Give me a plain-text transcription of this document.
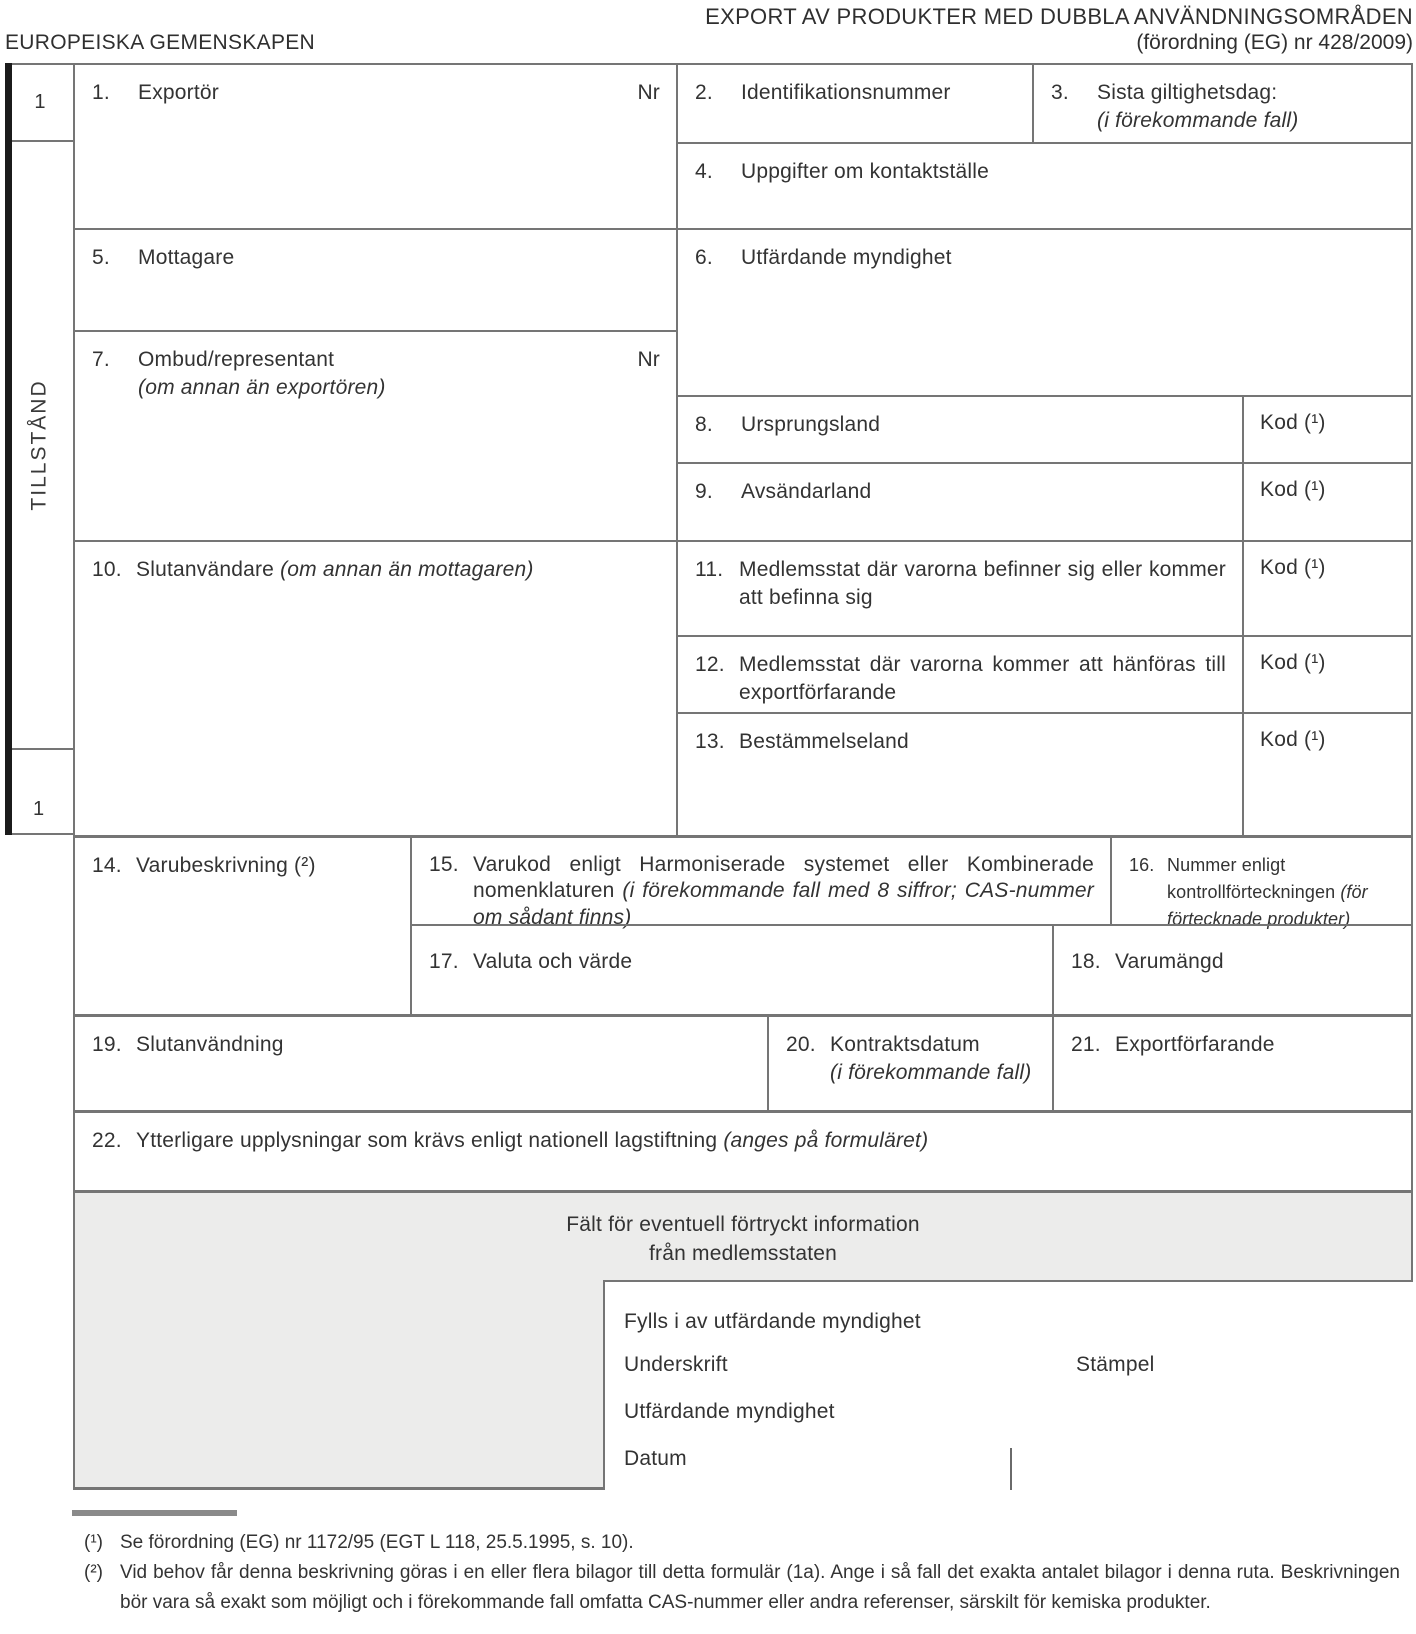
EXPORT AV PRODUKTER MED DUBBLA ANVÄNDNINGSOMRÅDEN
(förordning (EG) nr 428/2009)
EUROPEISKA GEMENSKAPEN
1
TILLSTÅND
1
1.	Exportör	Nr 2.	Identifikationsnummer	3.	Sista giltighetsdag:
(i förekommande fall)
4.	Uppgifter om kontaktställe
5.	Mottagare	6.	Utfärdande myndighet
7.	Ombud/representant
(om annan än exportören)
Nr
8.	Ursprungsland	Kod (¹)
9.	Avsändarland	Kod (¹)
10. Slutanvändare (om annan än mottagaren)	11. Medlemsstat där varorna befinner sig eller kommer att befinna sig
Kod (¹)
12. Medlemsstat där varorna kommer att hänföras till exportförfarande
Kod (¹)
13. Bestämmelseland	Kod (¹)
14. Varubeskrivning (²)	15. Varukod enligt Harmoniserade systemet eller Kombinerade nomenklaturen (i förekommande fall med 8 siffror; CAS-nummer om sådant finns)
16. Nummer enligt kontrollförteckningen (för förtecknade produkter)
17. Valuta och värde	18. Varumängd
19. Slutanvändning	20. Kontraktsdatum
(i förekommande fall)
21. Exportförfarande
22. Ytterligare upplysningar som krävs enligt nationell lagstiftning (anges på formuläret)
Fält för eventuell förtryckt information
från medlemsstaten
Fylls i av utfärdande myndighet
Underskrift	Stämpel
Utfärdande myndighet
Datum
(¹) Se förordning (EG) nr 1172/95 (EGT L 118, 25.5.1995, s. 10).
(²) Vid behov får denna beskrivning göras i en eller flera bilagor till detta formulär (1a). Ange i så fall det exakta antalet bilagor i denna ruta. Beskrivningen bör vara så exakt som möjligt och i förekommande fall omfatta CAS-nummer eller andra referenser, särskilt för kemiska produkter.
